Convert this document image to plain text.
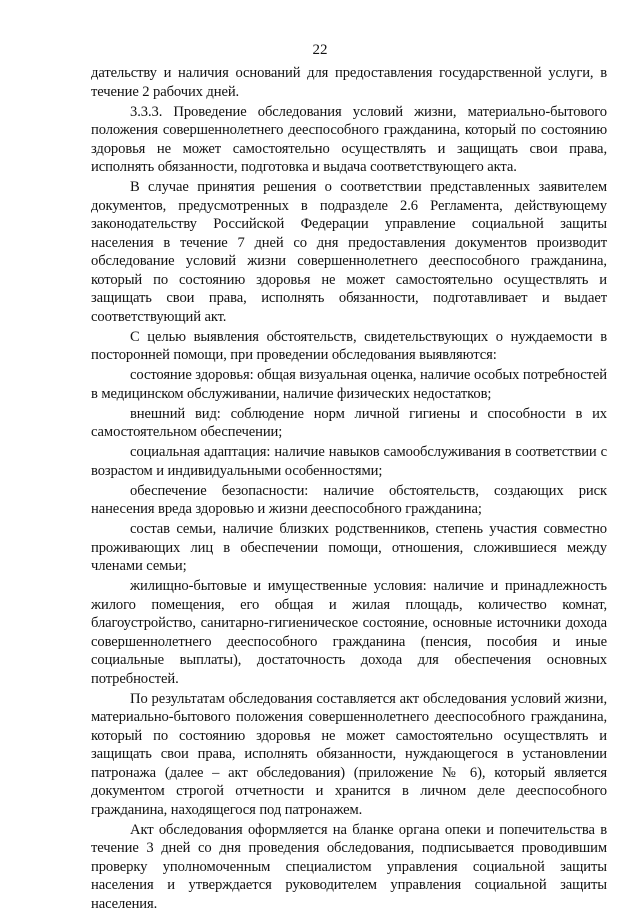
22

дательству и наличия оснований для предоставления государственной услуги, в течение 2 рабочих дней.

3.3.3. Проведение обследования условий жизни, материально-бытового положения совершеннолетнего дееспособного гражданина, который по состоянию здоровья не может самостоятельно осуществлять и защищать свои права, исполнять обязанности, подготовка и выдача соответствующего акта.

В случае принятия решения о соответствии представленных заявителем документов, предусмотренных в подразделе 2.6 Регламента, действующему законодательству Российской Федерации управление социальной защиты населения в течение 7 дней со дня предоставления документов производит обследование условий жизни совершеннолетнего дееспособного гражданина, который по состоянию здоровья не может самостоятельно осуществлять и защищать свои права, исполнять обязанности, подготавливает и выдает соответствующий акт.

С целью выявления обстоятельств, свидетельствующих о нуждаемости в посторонней помощи, при проведении обследования выявляются:

состояние здоровья: общая визуальная оценка, наличие особых потребностей в медицинском обслуживании, наличие физических недостатков;

внешний вид: соблюдение норм личной гигиены и способности в их самостоятельном обеспечении;

социальная адаптация: наличие навыков самообслуживания в соответствии с возрастом и индивидуальными особенностями;

обеспечение безопасности: наличие обстоятельств, создающих риск нанесения вреда здоровью и жизни дееспособного гражданина;

состав семьи, наличие близких родственников, степень участия совместно проживающих лиц в обеспечении помощи, отношения, сложившиеся между членами семьи;

жилищно-бытовые и имущественные условия: наличие и принадлежность жилого помещения, его общая и жилая площадь, количество комнат, благоустройство, санитарно-гигиеническое состояние, основные источники дохода совершеннолетнего дееспособного гражданина (пенсия, пособия и иные социальные выплаты), достаточность дохода для обеспечения основных потребностей.

По результатам обследования составляется акт обследования условий жизни, материально-бытового положения совершеннолетнего дееспособного гражданина, который по состоянию здоровья не может самостоятельно осуществлять и защищать свои права, исполнять обязанности, нуждающегося в установлении патронажа (далее – акт обследования) (приложение № 6), который является документом строгой отчетности и хранится в личном деле дееспособного гражданина, находящегося под патронажем.

Акт обследования оформляется на бланке органа опеки и попечительства в течение 3 дней со дня проведения обследования, подписывается проводившим проверку уполномоченным специалистом управления социальной защиты населения и утверждается руководителем управления социальной защиты населения.
